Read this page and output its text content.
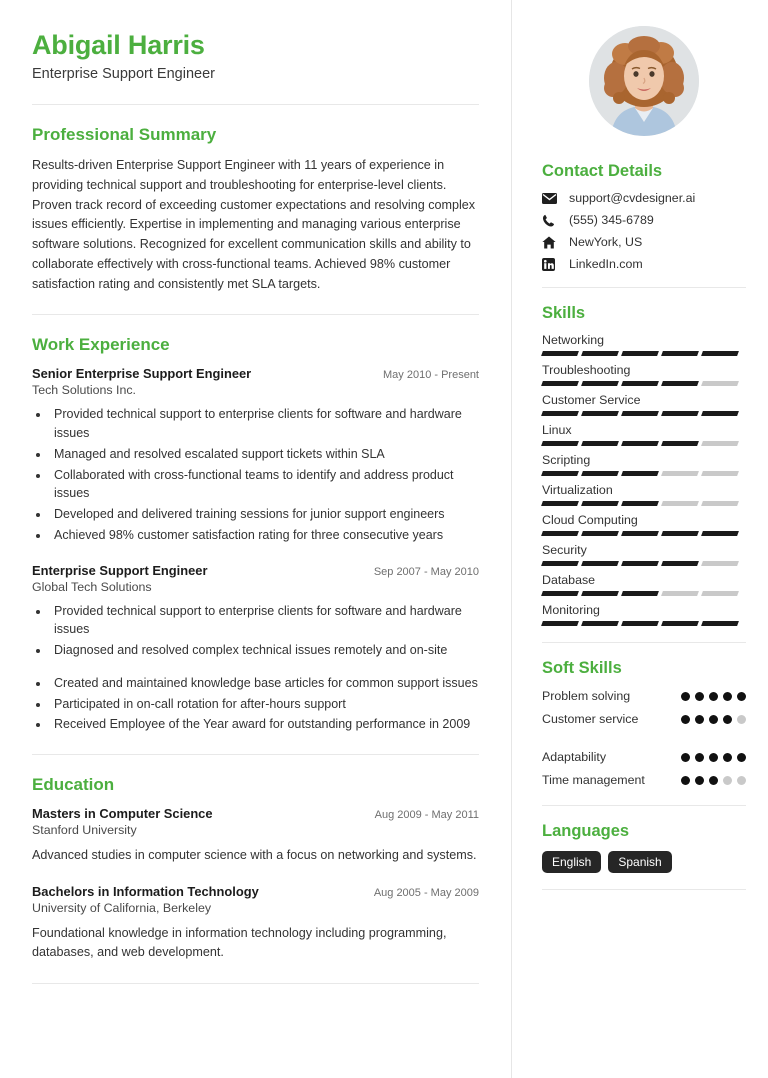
Abigail Harris
Enterprise Support Engineer
Professional Summary
Results-driven Enterprise Support Engineer with 11 years of experience in providing technical support and troubleshooting for enterprise-level clients. Proven track record of exceeding customer expectations and resolving complex issues efficiently. Expertise in implementing and managing various enterprise software solutions. Recognized for excellent communication skills and ability to collaborate effectively with cross-functional teams. Achieved 98% customer satisfaction rating and consistently met SLA targets.
Work Experience
Senior Enterprise Support Engineer	May 2010 - Present
Tech Solutions Inc.
• Provided technical support to enterprise clients for software and hardware issues
• Managed and resolved escalated support tickets within SLA
• Collaborated with cross-functional teams to identify and address product issues
• Developed and delivered training sessions for junior support engineers
• Achieved 98% customer satisfaction rating for three consecutive years
Enterprise Support Engineer	Sep 2007 - May 2010
Global Tech Solutions
• Provided technical support to enterprise clients for software and hardware issues
• Diagnosed and resolved complex technical issues remotely and on-site
• Created and maintained knowledge base articles for common support issues
• Participated in on-call rotation for after-hours support
• Received Employee of the Year award for outstanding performance in 2009
Education
Masters in Computer Science	Aug 2009 - May 2011
Stanford University
Advanced studies in computer science with a focus on networking and systems.
Bachelors in Information Technology	Aug 2005 - May 2009
University of California, Berkeley
Foundational knowledge in information technology including programming, databases, and web development.
Contact Details
support@cvdesigner.ai
(555) 345-6789
NewYork, US
LinkedIn.com
Skills
Networking
Troubleshooting
Customer Service
Linux
Scripting
Virtualization
Cloud Computing
Security
Database
Monitoring
Soft Skills
Problem solving
Customer service
Adaptability
Time management
Languages
English	Spanish
